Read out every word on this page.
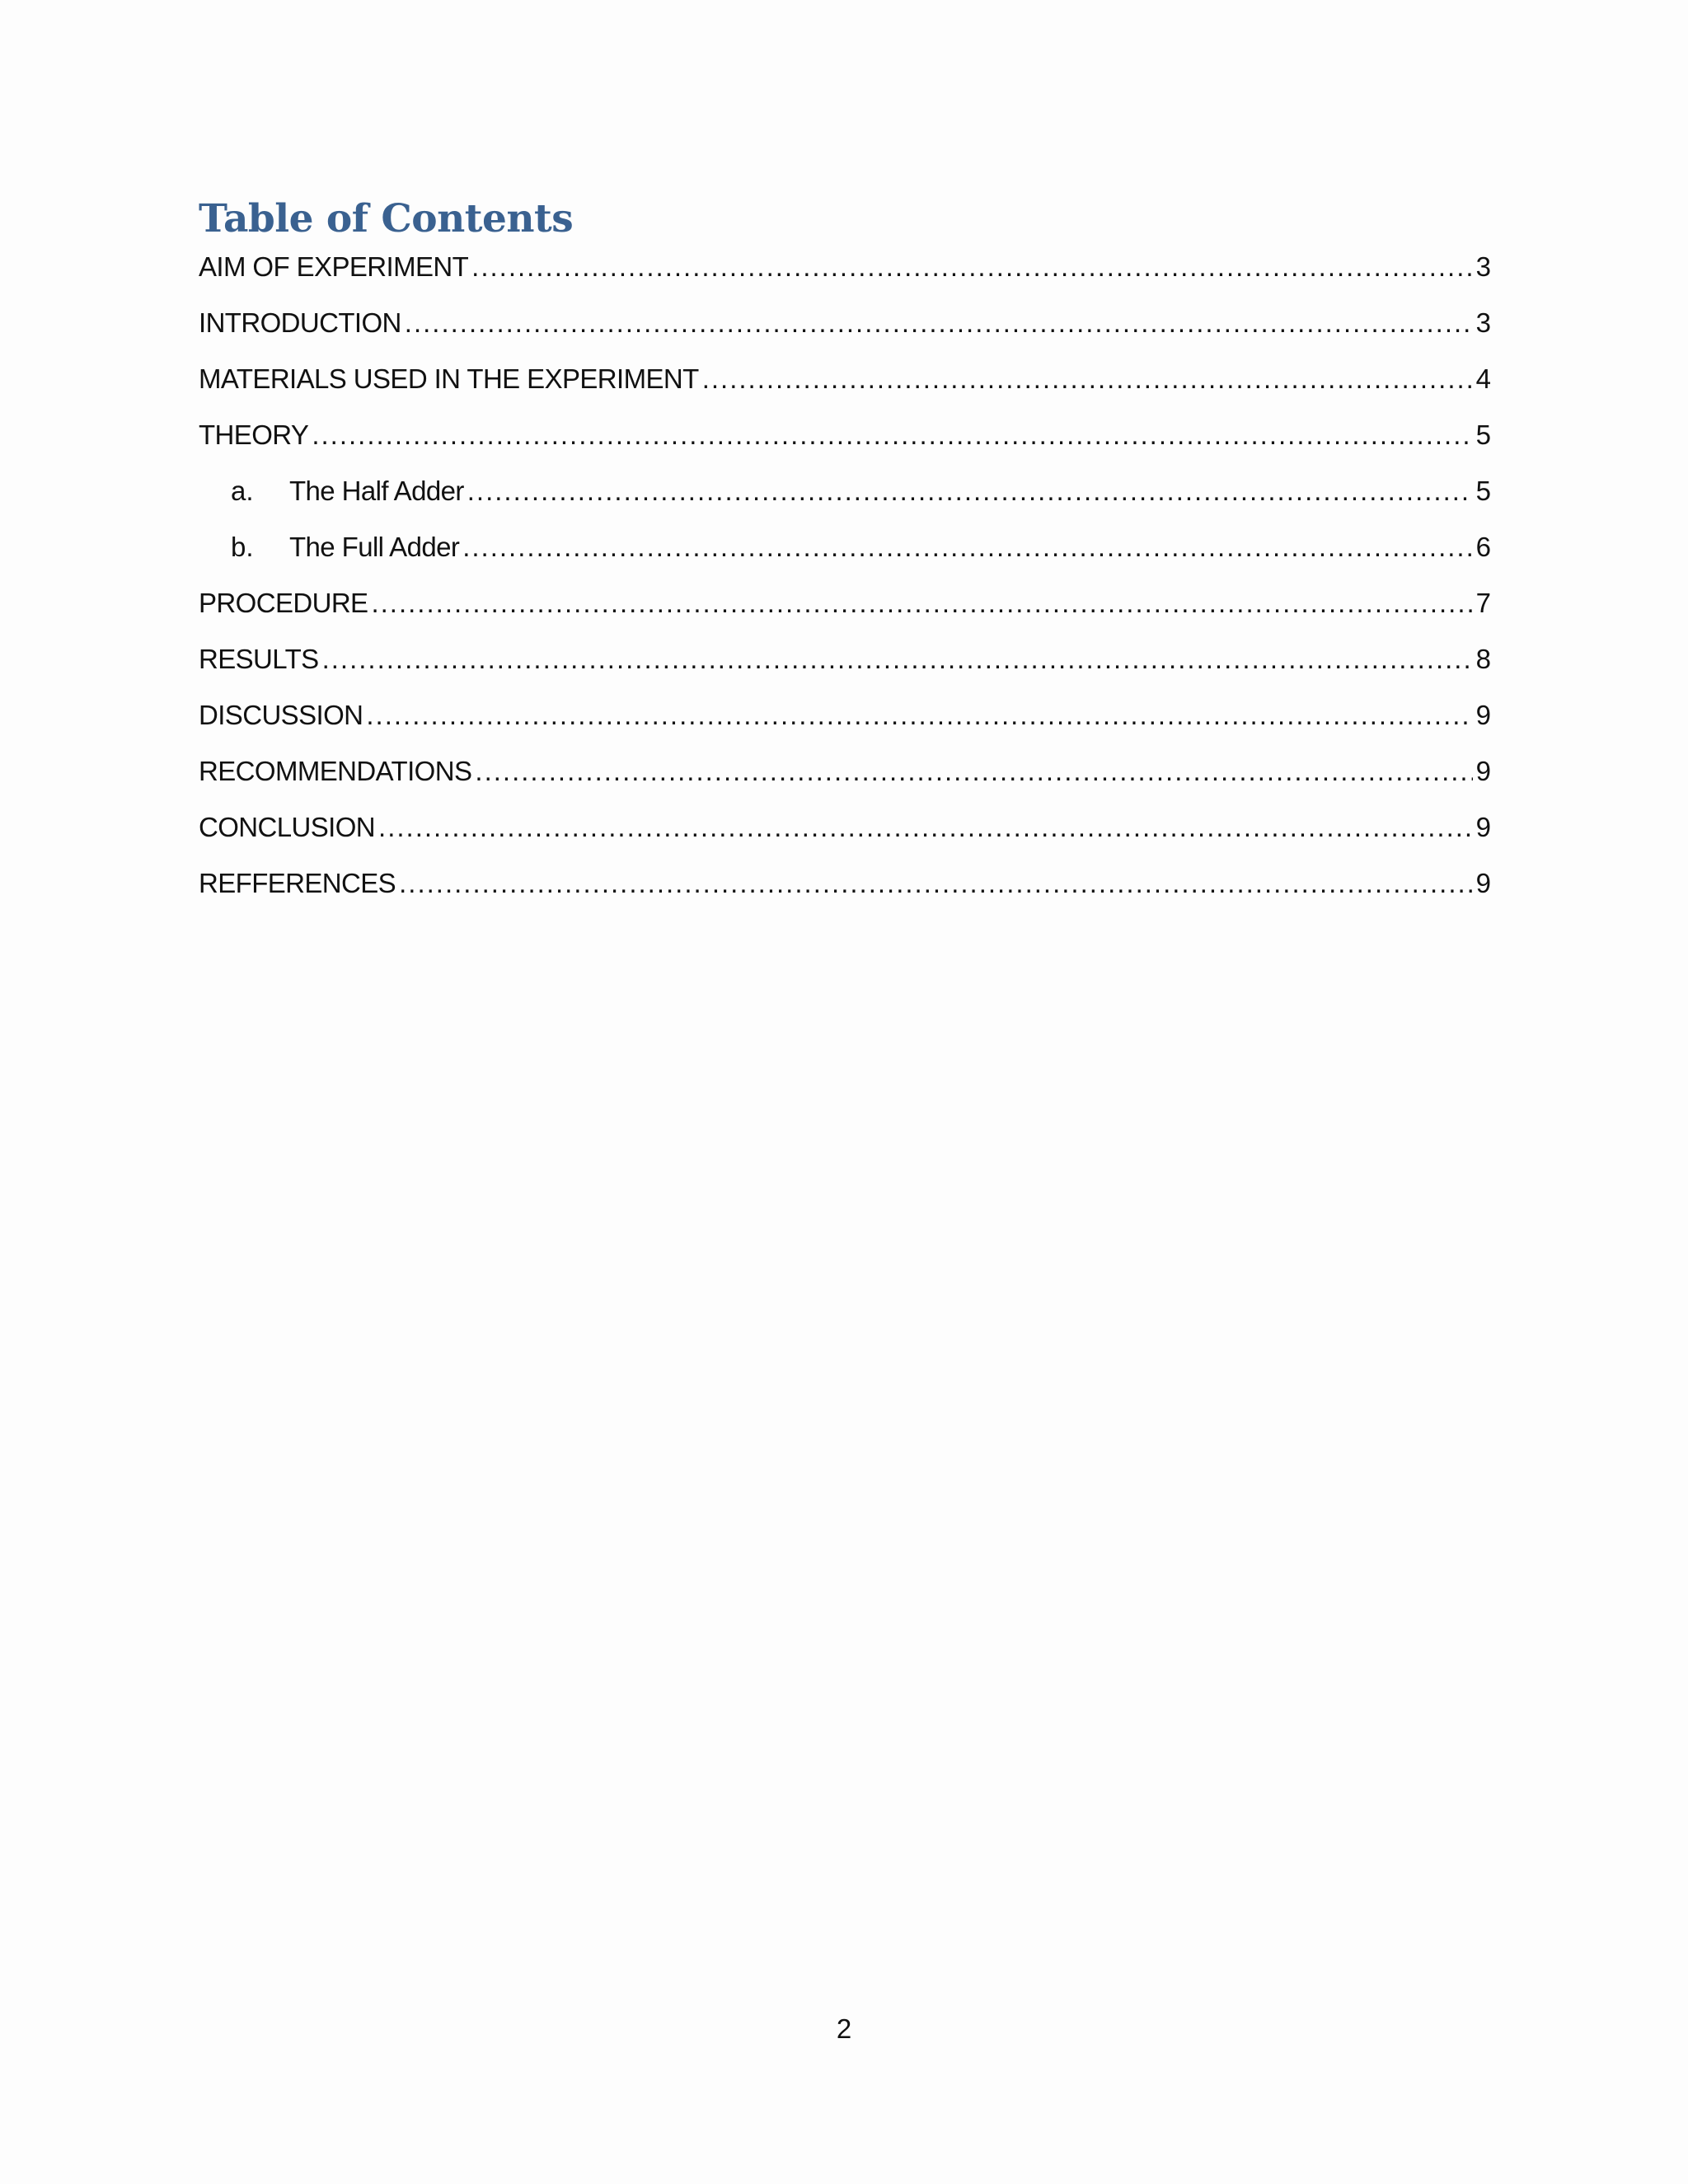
Table of Contents
AIM OF EXPERIMENT .....	3
INTRODUCTION .....	3
MATERIALS USED IN THE EXPERIMENT .....	4
THEORY .....	5
a.	The Half Adder .....	5
b.	The Full Adder .....	6
PROCEDURE .....	7
RESULTS .....	8
DISCUSSION .....	9
RECOMMENDATIONS .....	9
CONCLUSION .....	9
REFFERENCES .....	9
2
